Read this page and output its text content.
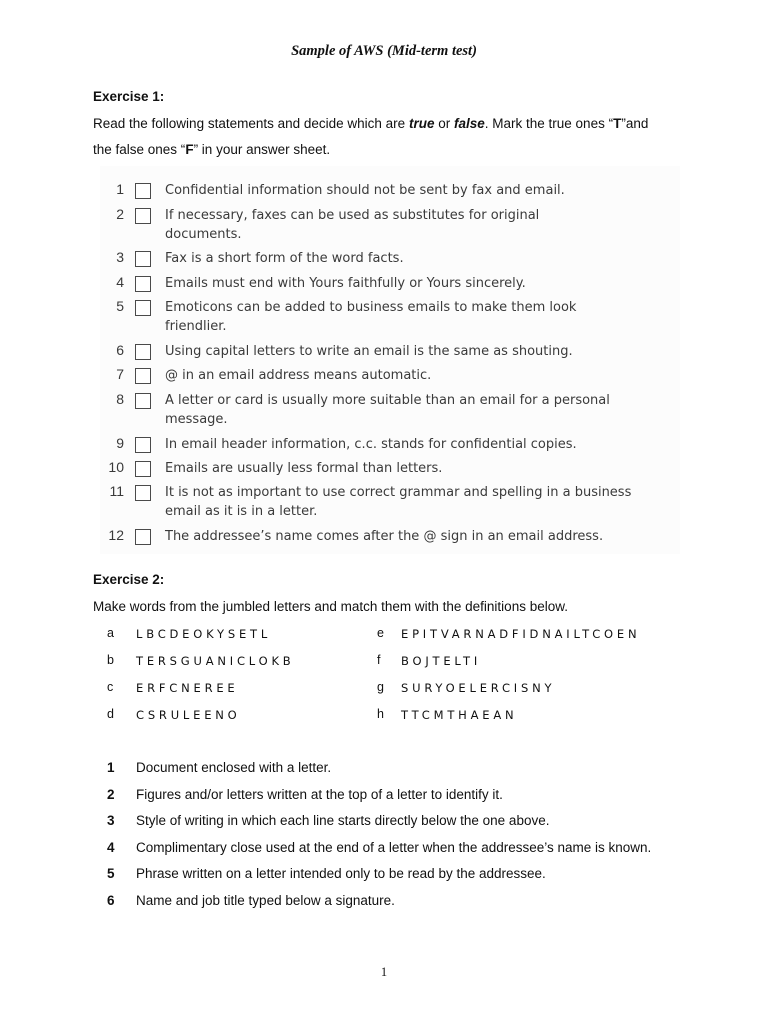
Sample of AWS (Mid-term test)
Exercise 1:
Read the following statements and decide which are true or false. Mark the true ones “T”and
the false ones “F” in your answer sheet.
1	Confidential information should not be sent by fax and email.
2	If necessary, faxes can be used as substitutes for original
documents.
3	Fax is a short form of the word facts.
4	Emails must end with Yours faithfully or Yours sincerely.
5	Emoticons can be added to business emails to make them look
friendlier.
6	Using capital letters to write an email is the same as shouting.
7	@ in an email address means automatic.
8	A letter or card is usually more suitable than an email for a personal
message.
9	In email header information, c.c. stands for confidential copies.
10	Emails are usually less formal than letters.
11	It is not as important to use correct grammar and spelling in a business
email as it is in a letter.
12	The addressee’s name comes after the @ sign in an email address.
Exercise 2:
Make words from the jumbled letters and match them with the definitions below.
a LBCDEOKYSETL
b TERSGUANICLOKB
c ERFCNEREE
d CSRULEENO
e EPITVARNADFIDNAILTCOEN
f BOJTELTI
g SURYOELERCISNY
h TTCMTHAEAN
1 Document enclosed with a letter.
2 Figures and/or letters written at the top of a letter to identify it.
3 Style of writing in which each line starts directly below the one above.
4 Complimentary close used at the end of a letter when the addressee’s name is known.
5 Phrase written on a letter intended only to be read by the addressee.
6 Name and job title typed below a signature.
1
